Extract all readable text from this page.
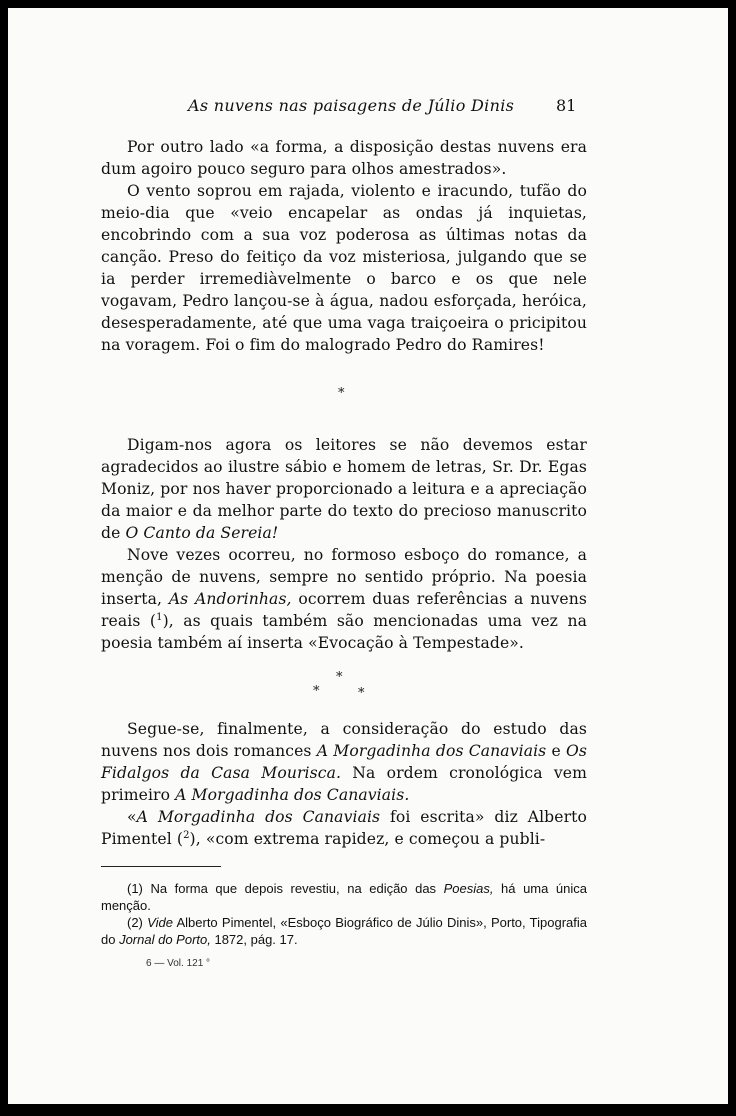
As nuvens nas paisagens de Júlio Dinis	81

Por outro lado «a forma, a disposição destas nuvens era dum agoiro pouco seguro para olhos amestrados».

O vento soprou em rajada, violento e iracundo, tufão do meio-dia que «veio encapelar as ondas já inquietas, encobrindo com a sua voz poderosa as últimas notas da canção. Preso do feitiço da voz misteriosa, julgando que se ia perder irremediàvelmente o barco e os que nele vogavam, Pedro lançou-se à água, nadou esforçada, heróica, desesperadamente, até que uma vaga traiçoeira o pricipitou na voragem. Foi o fim do malogrado Pedro do Ramires!

*

Digam-nos agora os leitores se não devemos estar agradecidos ao ilustre sábio e homem de letras, Sr. Dr. Egas Moniz, por nos haver proporcionado a leitura e a apreciação da maior e da melhor parte do texto do precioso manuscrito de O Canto da Sereia!

Nove vezes ocorreu, no formoso esboço do romance, a menção de nuvens, sempre no sentido próprio. Na poesia inserta, As Andorinhas, ocorrem duas referências a nuvens reais ($^1$), as quais também são mencionadas uma vez na poesia também aí inserta «Evocação à Tempestade».

*
*	*

Segue-se, finalmente, a consideração do estudo das nuvens nos dois romances A Morgadinha dos Canaviais e Os Fidalgos da Casa Mourisca. Na ordem cronológica vem primeiro A Morgadinha dos Canaviais.

«A Morgadinha dos Canaviais foi escrita» diz Alberto Pimentel ($^2$), «com extrema rapidez, e começou a publi-

(1) Na forma que depois revestiu, na edição das Poesias, há uma única menção.

(2) Vide Alberto Pimentel, «Esboço Biográfico de Júlio Dinis», Porto, Tipografia do Jornal do Porto, 1872, pág. 17.

6 — Vol. 121 °
